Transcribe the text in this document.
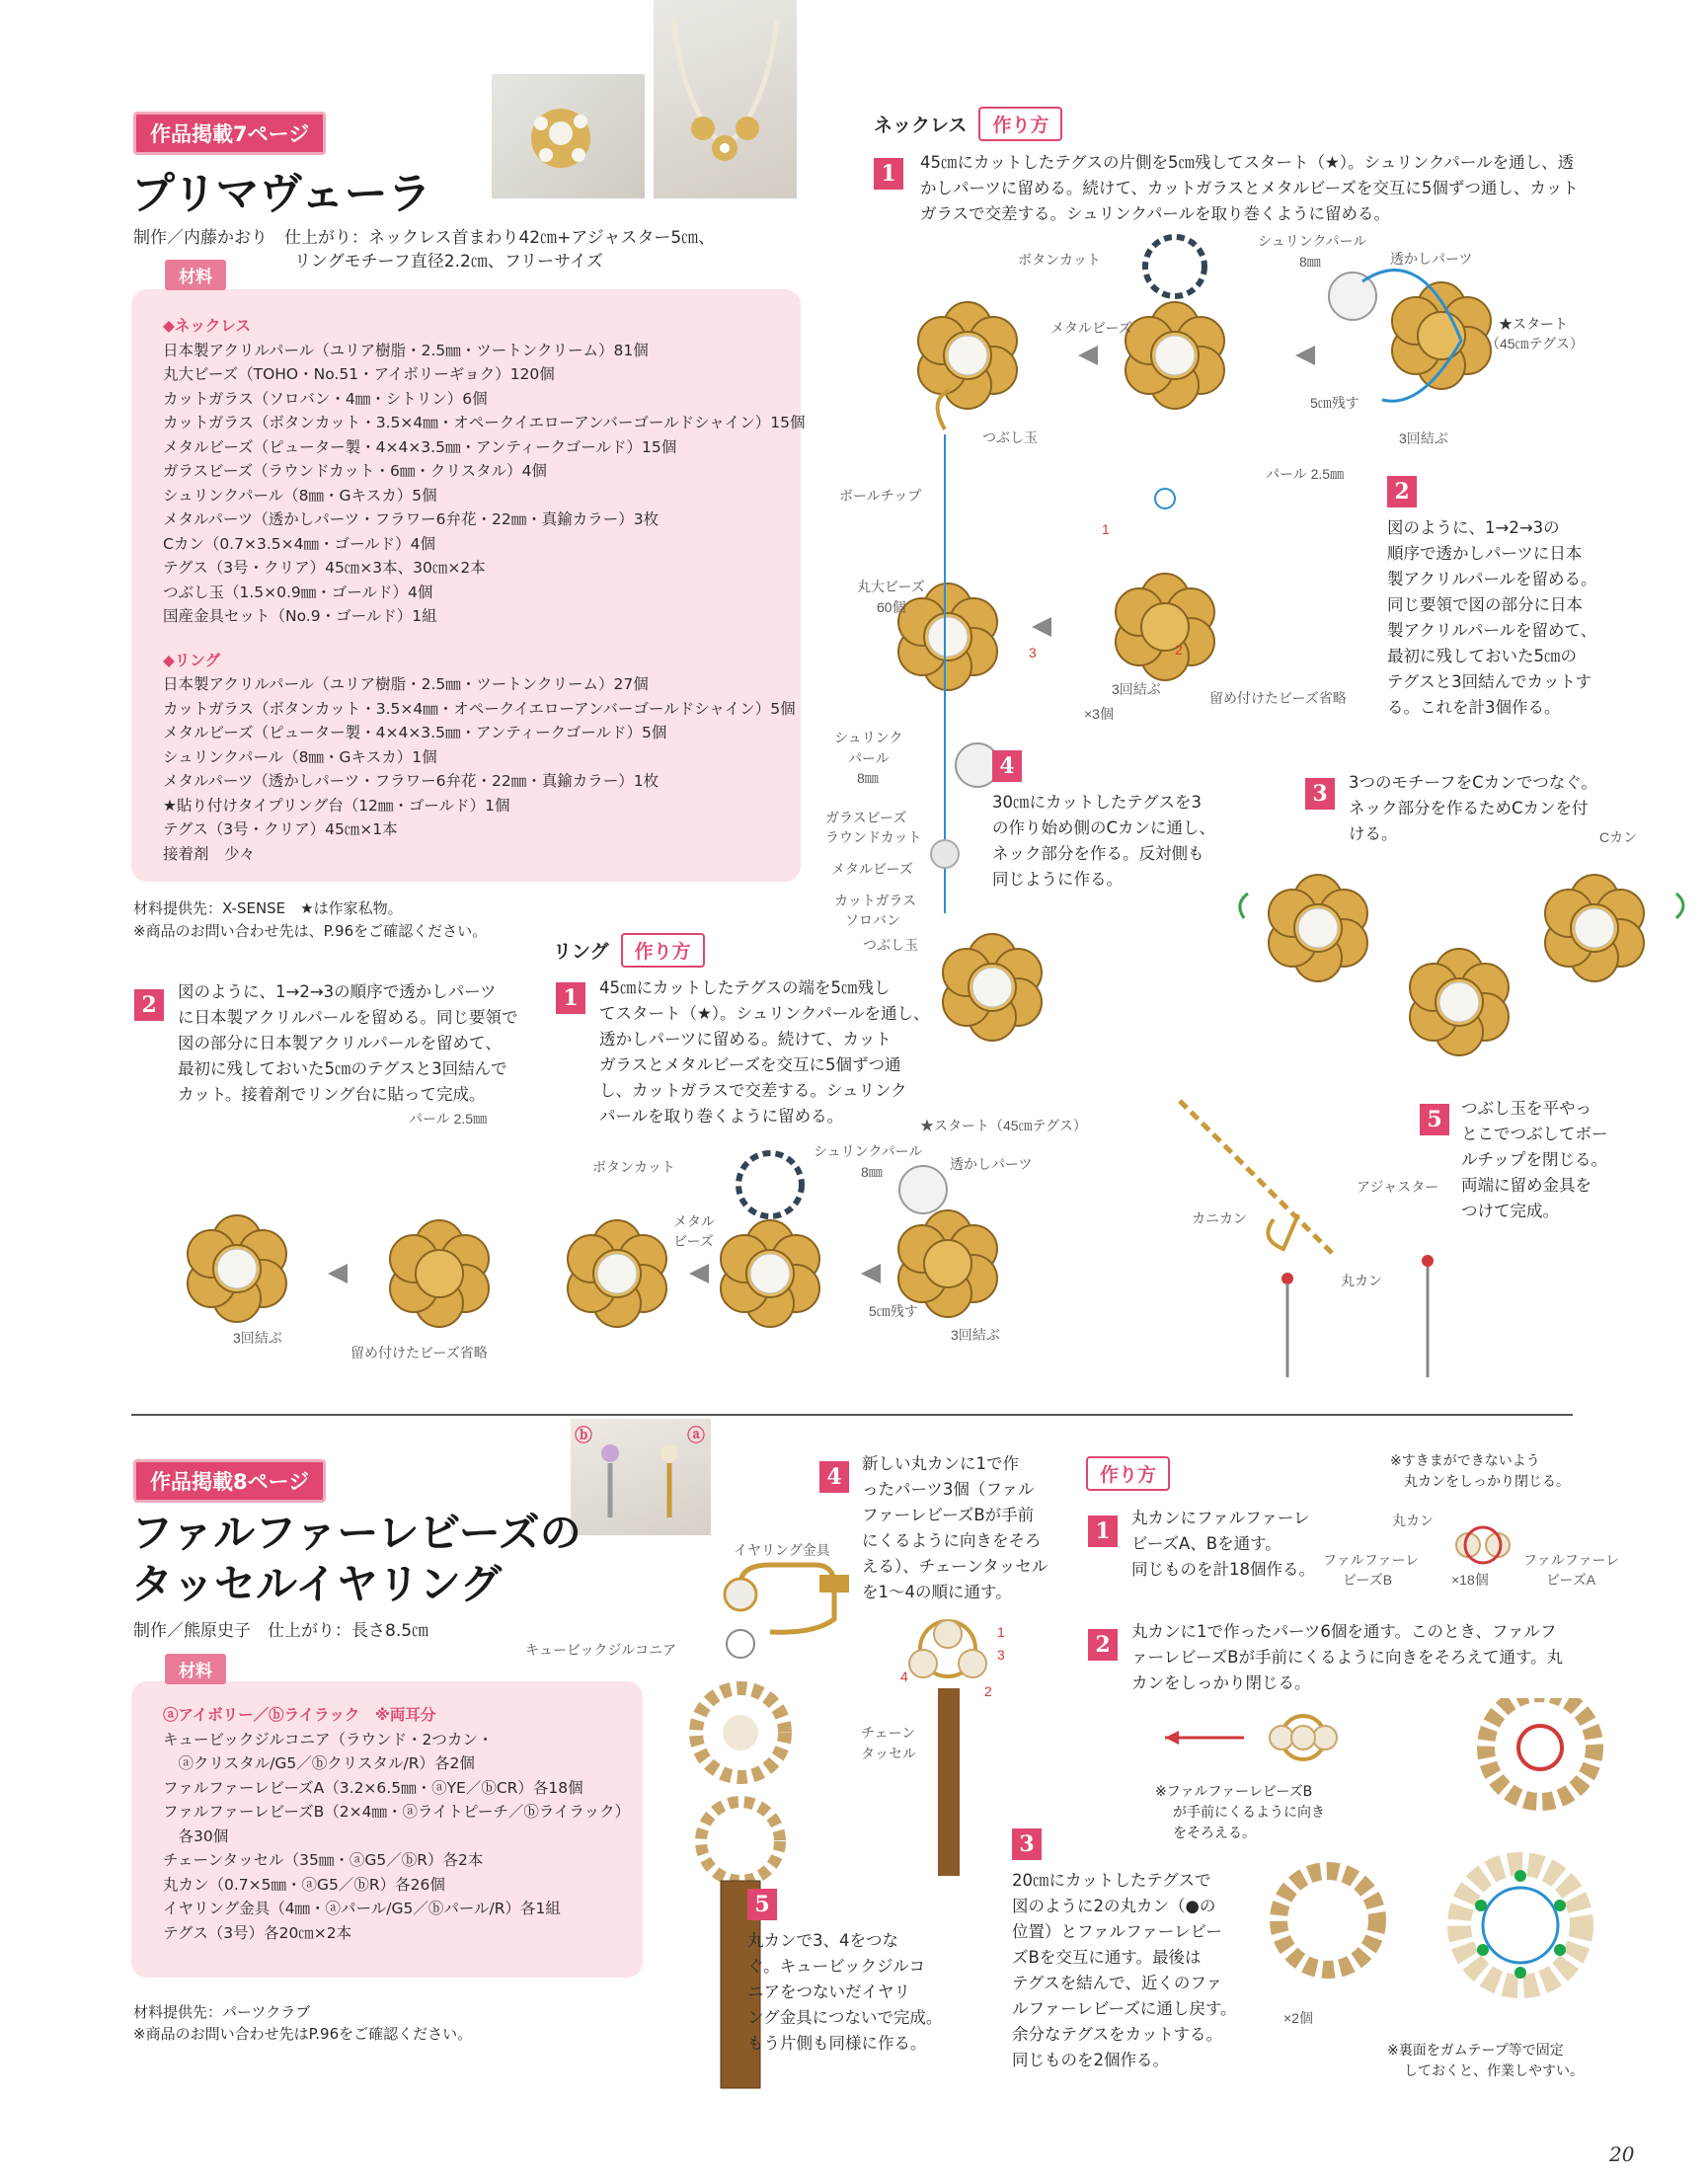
作品掲載7ページ
プリマヴェーラ
制作／内藤かおり　仕上がり：ネックレス首まわり42㎝+アジャスター5㎝、
リングモチーフ直径2.2㎝、フリーサイズ
材料
◆ネックレス
日本製アクリルパール（ユリア樹脂・2.5㎜・ツートンクリーム）81個
丸大ビーズ（TOHO・No.51・アイボリーギョク）120個
カットガラス（ソロバン・4㎜・シトリン）6個
カットガラス（ボタンカット・3.5×4㎜・オペークイエローアンバーゴールドシャイン）15個
メタルビーズ（ピューター製・4×4×3.5㎜・アンティークゴールド）15個
ガラスビーズ（ラウンドカット・6㎜・クリスタル）4個
シュリンクパール（8㎜・Gキスカ）5個
メタルパーツ（透かしパーツ・フラワー6弁花・22㎜・真鍮カラー）3枚
Cカン（0.7×3.5×4㎜・ゴールド）4個
テグス（3号・クリア）45㎝×3本、30㎝×2本
つぶし玉（1.5×0.9㎜・ゴールド）4個
国産金具セット（No.9・ゴールド）1組
◆リング
日本製アクリルパール（ユリア樹脂・2.5㎜・ツートンクリーム）27個
カットガラス（ボタンカット・3.5×4㎜・オペークイエローアンバーゴールドシャイン）5個
メタルビーズ（ピューター製・4×4×3.5㎜・アンティークゴールド）5個
シュリンクパール（8㎜・Gキスカ）1個
メタルパーツ（透かしパーツ・フラワー6弁花・22㎜・真鍮カラー）1枚
★貼り付けタイプリング台（12㎜・ゴールド）1個
テグス（3号・クリア）45㎝×1本
接着剤　少々
材料提供先：X-SENSE　★は作家私物。
※商品のお問い合わせ先は、P.96をご確認ください。
ネックレス	作り方
1	45㎝にカットしたテグスの片側を5㎝残してスタート（★）。シュリンクパールを通し、透
かしパーツに留める。続けて、カットガラスとメタルビーズを交互に5個ずつ通し、カット
ガラスで交差する。シュリンクパールを取り巻くように留める。
ボタンカット
シュリンクパール
8㎜	透かしパーツ
★スタート
（45㎝テグス）
メタルビーズ
5㎝残す
3回結ぶ
つぶし玉
ボールチップ
丸大ビーズ
60個
パール 2.5㎜
2
図のように、1→2→3の
順序で透かしパーツに日本
製アクリルパールを留める。
同じ要領で図の部分に日本
製アクリルパールを留めて、
最初に残しておいた5㎝の
テグスと3回結んでカットす
る。これを計3個作る。
1
3	2
3回結ぶ
×3個
留め付けたビーズ省略
4
30㎝にカットしたテグスを3
の作り始め側のCカンに通し、
ネック部分を作る。反対側も
同じように作る。
シュリンク
パール
8㎜
ガラスビーズ
ラウンドカット
メタルビーズ
カットガラス
ソロバン
つぶし玉
3	3つのモチーフをCカンでつなぐ。
ネック部分を作るためCカンを付
ける。	Cカン
5	つぶし玉を平やっ
とこでつぶしてボー
ルチップを閉じる。
両端に留め金具を
つけて完成。
アジャスター
カニカン
丸カン
リング	作り方
2
図のように、1→2→3の順序で透かしパーツ
に日本製アクリルパールを留める。同じ要領で
図の部分に日本製アクリルパールを留めて、
最初に残しておいた5㎝のテグスと3回結んで
カット。接着剤でリング台に貼って完成。
1	45㎝にカットしたテグスの端を5㎝残し
てスタート（★）。シュリンクパールを通し、
透かしパーツに留める。続けて、カット
ガラスとメタルビーズを交互に5個ずつ通
し、カットガラスで交差する。シュリンク
パールを取り巻くように留める。
パール 2.5㎜
3回結ぶ
留め付けたビーズ省略
ボタンカット
メタル
ビーズ
シュリンクパール
8㎜	透かしパーツ
★スタート（45㎝テグス）
5㎝残す
3回結ぶ
ⓑ	ⓐ
作品掲載8ページ
ファルファーレビーズの
タッセルイヤリング
制作／熊原史子　仕上がり：長さ8.5㎝
材料
ⓐアイボリー／ⓑライラック　※両耳分
キュービックジルコニア（ラウンド・2つカン・
　ⓐクリスタル/G5／ⓑクリスタル/R）各2個
ファルファーレビーズA（3.2×6.5㎜・ⓐYE／ⓑCR）各18個
ファルファーレビーズB（2×4㎜・ⓐライトピーチ／ⓑライラック）
　各30個
チェーンタッセル（35㎜・ⓐG5／ⓑR）各2本
丸カン（0.7×5㎜・ⓐG5／ⓑR）各26個
イヤリング金具（4㎜・ⓐパール/G5／ⓑパール/R）各1組
テグス（3号）各20㎝×2本
材料提供先：パーツクラブ
※商品のお問い合わせ先はP.96をご確認ください。
イヤリング金具
キュービックジルコニア
4
新しい丸カンに1で作
ったパーツ3個（ファル
ファーレビーズBが手前
にくるように向きをそろ
える）、チェーンタッセル
を1～4の順に通す。
1
3
4
2
チェーン
タッセル
5
丸カンで3、4をつな
ぐ。キュービックジルコ
ニアをつないだイヤリ
ング金具につないで完成。
もう片側も同様に作る。
作り方
1
丸カンにファルファーレ
ビーズA、Bを通す。
同じものを計18個作る。
※すきまができないよう
丸カンをしっかり閉じる。
丸カン
ファルファーレ
ビーズB	×18個
ファルファーレ
ビーズA
2
丸カンに1で作ったパーツ6個を通す。このとき、ファルフ
ァーレビーズBが手前にくるように向きをそろえて通す。丸
カンをしっかり閉じる。
※ファルファーレビーズB
が手前にくるように向き
をそろえる。
3
20㎝にカットしたテグスで
図のように2の丸カン（●の
位置）とファルファーレビー
ズBを交互に通す。最後は
テグスを結んで、近くのファ
ルファーレビーズに通し戻す。
余分なテグスをカットする。
同じものを2個作る。
×2個
※裏面をガムテープ等で固定
しておくと、作業しやすい。
20
